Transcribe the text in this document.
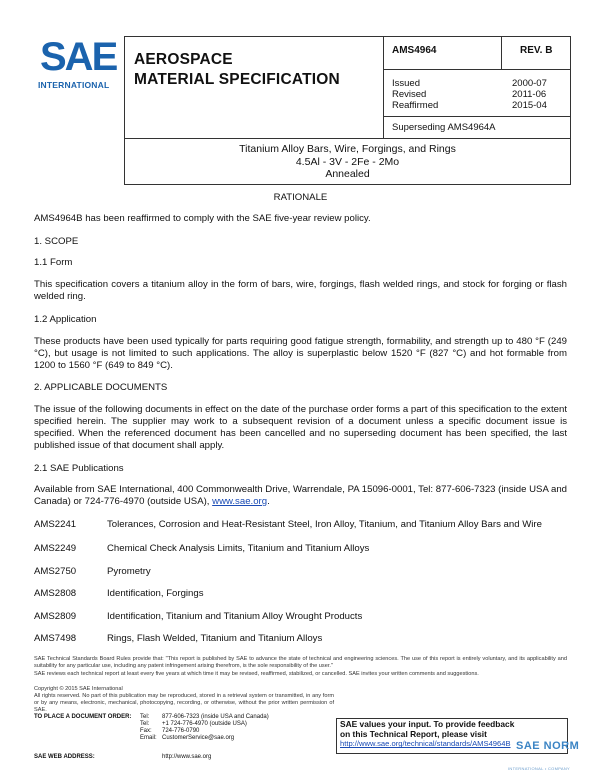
SAE
INTERNATIONAL
AEROSPACE
MATERIAL SPECIFICATION
AMS4964	REV. B
Issued	2000-07
Revised	2011-06
Reaffirmed	2015-04
Superseding AMS4964A
Titanium Alloy Bars, Wire, Forgings, and Rings
4.5Al - 3V - 2Fe - 2Mo
Annealed
RATIONALE
AMS4964B has been reaffirmed to comply with the SAE five-year review policy.
1. SCOPE
1.1 Form
This specification covers a titanium alloy in the form of bars, wire, forgings, flash welded rings, and stock for forging or flash welded ring.
1.2 Application
These products have been used typically for parts requiring good fatigue strength, formability, and strength up to 480 °F (249 °C), but usage is not limited to such applications. The alloy is superplastic below 1520 °F (827 °C) and hot formable from 1200 to 1560 °F (649 to 849 °C).
2. APPLICABLE DOCUMENTS
The issue of the following documents in effect on the date of the purchase order forms a part of this specification to the extent specified herein. The supplier may work to a subsequent revision of a document unless a specific document issue is specified. When the referenced document has been cancelled and no superseding document has been specified, the last published issue of that document shall apply.
2.1 SAE Publications
Available from SAE International, 400 Commonwealth Drive, Warrendale, PA 15096-0001, Tel: 877-606-7323 (inside USA and Canada) or 724-776-4970 (outside USA), www.sae.org.
AMS2241	Tolerances, Corrosion and Heat-Resistant Steel, Iron Alloy, Titanium, and Titanium Alloy Bars and Wire
AMS2249	Chemical Check Analysis Limits, Titanium and Titanium Alloys
AMS2750	Pyrometry
AMS2808	Identification, Forgings
AMS2809	Identification, Titanium and Titanium Alloy Wrought Products
AMS7498	Rings, Flash Welded, Titanium and Titanium Alloys
SAE Technical Standards Board Rules provide that: "This report is published by SAE to advance the state of technical and engineering sciences. The use of this report is entirely voluntary, and its applicability and suitability for any particular use, including any patent infringement arising therefrom, is the sole responsibility of the user."
SAE reviews each technical report at least every five years at which time it may be revised, reaffirmed, stabilized, or cancelled. SAE invites your written comments and suggestions.
Copyright © 2015 SAE International
All rights reserved. No part of this publication may be reproduced, stored in a retrieval system or transmitted, in any form or by any means, electronic, mechanical, photocopying, recording, or otherwise, without the prior written permission of SAE.
TO PLACE A DOCUMENT ORDER: Tel: 877-606-7323 (inside USA and Canada)
Tel: +1 724-776-4970 (outside USA)
Fax: 724-776-0790
Email: CustomerService@sae.org
SAE WEB ADDRESS:	http://www.sae.org
SAE values your input. To provide feedback
on this Technical Report, please visit
http://www.sae.org/technical/standards/AMS4964B SAE NORM
INTERNATIONAL • COMPANY
